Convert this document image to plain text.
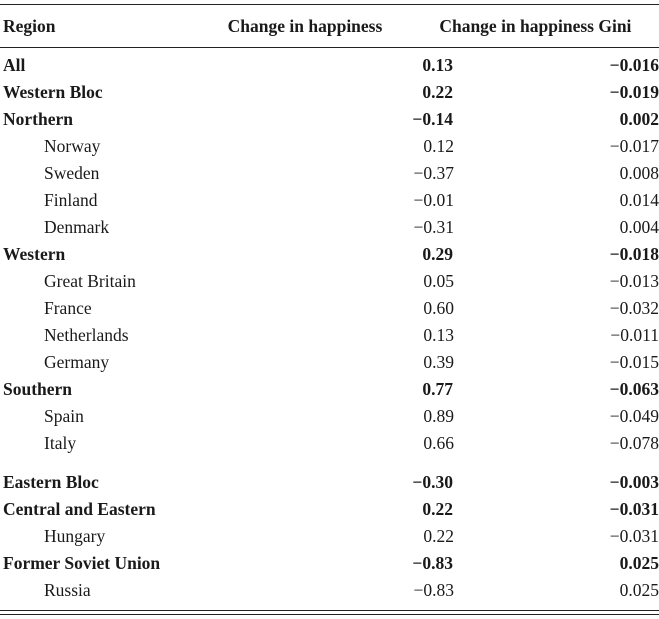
Region	Change in happiness	Change in happiness Gini
All	0.13	−0.016
Western Bloc	0.22	−0.019
Northern	−0.14	0.002
Norway	0.12	−0.017
Sweden	−0.37	0.008
Finland	−0.01	0.014
Denmark	−0.31	0.004
Western	0.29	−0.018
Great Britain	0.05	−0.013
France	0.60	−0.032
Netherlands	0.13	−0.011
Germany	0.39	−0.015
Southern	0.77	−0.063
Spain	0.89	−0.049
Italy	0.66	−0.078
Eastern Bloc	−0.30	−0.003
Central and Eastern	0.22	−0.031
Hungary	0.22	−0.031
Former Soviet Union	−0.83	0.025
Russia	−0.83	0.025
